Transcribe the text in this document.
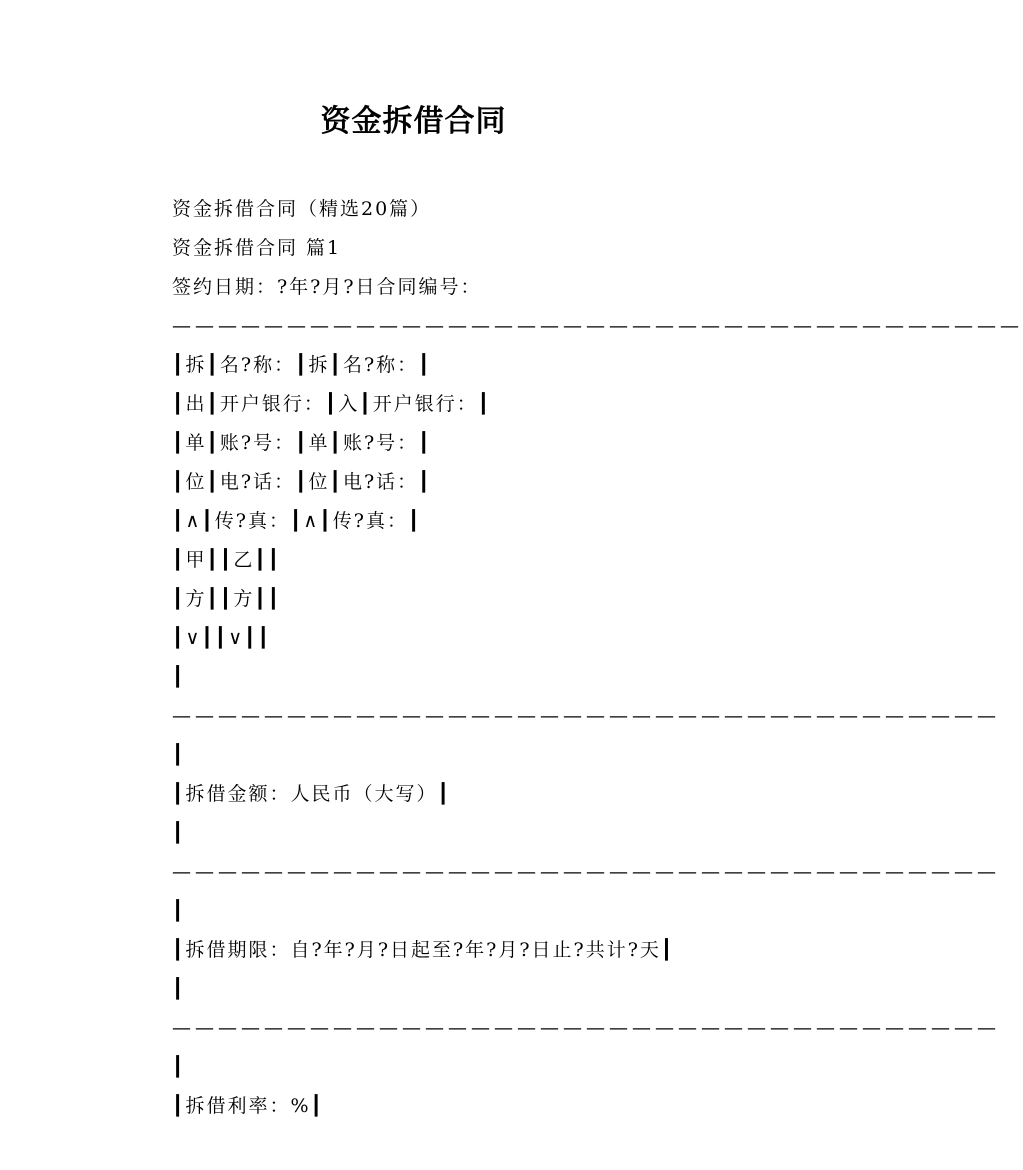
资金拆借合同

资金拆借合同（精选20篇）

资金拆借合同 篇1

签约日期：?年?月?日合同编号：

—————————————————————————————————————

┃拆┃名?称：┃拆┃名?称：┃

┃出┃开户银行：┃入┃开户银行：┃

┃单┃账?号：┃单┃账?号：┃

┃位┃电?话：┃位┃电?话：┃

┃∧┃传?真：┃∧┃传?真：┃

┃甲┃┃乙┃┃

┃方┃┃方┃┃

┃∨┃┃∨┃┃

┃————————————————————————————————————┃

┃拆借金额：人民币（大写）┃

┃————————————————————————————————————┃

┃拆借期限：自?年?月?日起至?年?月?日止?共计?天┃

┃————————————————————————————————————┃

┃拆借利率：%┃
